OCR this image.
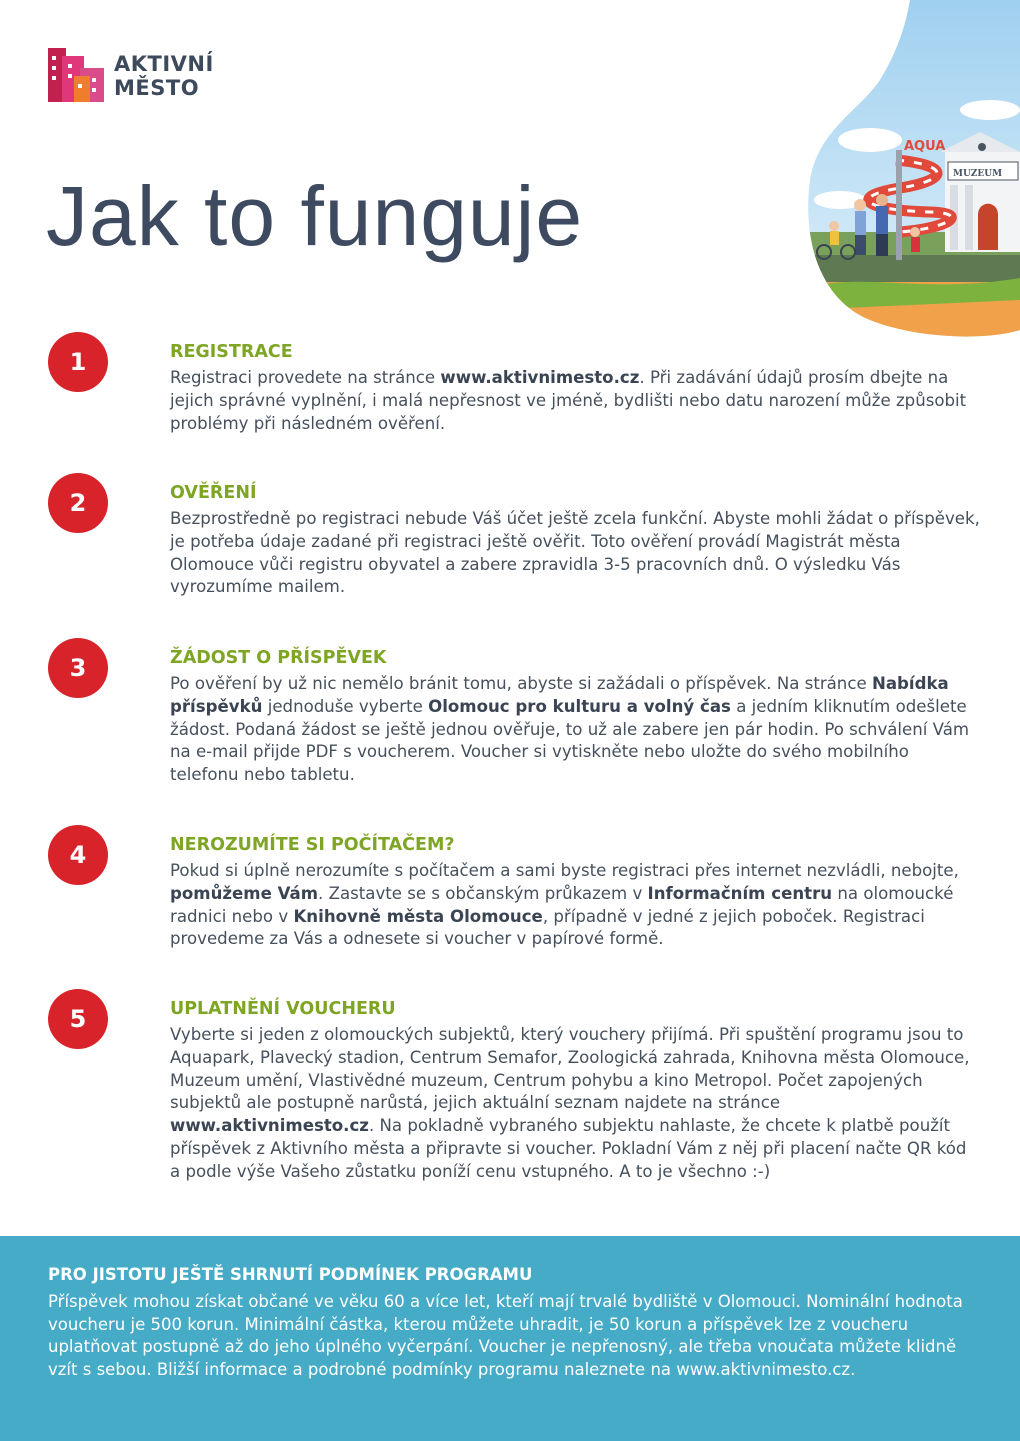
AKTIVNÍ
MĚSTO
Jak to funguje
AQUA
MUZEUM
1	REGISTRACE

Registraci provedete na stránce www.aktivnimesto.cz. Při zadávání údajů prosím dbejte na jejich správné vyplnění, i malá nepřesnost ve jméně, bydlišti nebo datu narození může způsobit problémy při následném ověření.

2	OVĚŘENÍ

Bezprostředně po registraci nebude Váš účet ještě zcela funkční. Abyste mohli žádat o příspěvek, je potřeba údaje zadané při registraci ještě ověřit. Toto ověření provádí Magistrát města Olomouce vůči registru obyvatel a zabere zpravidla 3-5 pracovních dnů. O výsledku Vás vyrozumíme mailem.

3	ŽÁDOST O PŘÍSPĚVEK

Po ověření by už nic nemělo bránit tomu, abyste si zažádali o příspěvek. Na stránce Nabídka příspěvků jednoduše vyberte Olomouc pro kulturu a volný čas a jedním kliknutím odešlete žádost. Podaná žádost se ještě jednou ověřuje, to už ale zabere jen pár hodin. Po schválení Vám na e-mail přijde PDF s voucherem. Voucher si vytiskněte nebo uložte do svého mobilního telefonu nebo tabletu.

4	NEROZUMÍTE SI POČÍTAČEM?

Pokud si úplně nerozumíte s počítačem a sami byste registraci přes internet nezvládli, nebojte, pomůžeme Vám. Zastavte se s občanským průkazem v Informačním centru na olomoucké radnici nebo v Knihovně města Olomouce, případně v jedné z jejich poboček. Registraci provedeme za Vás a odnesete si voucher v papírové formě.

5	UPLATNĚNÍ VOUCHERU

Vyberte si jeden z olomouckých subjektů, který vouchery přijímá. Při spuštění programu jsou to Aquapark, Plavecký stadion, Centrum Semafor, Zoologická zahrada, Knihovna města Olomouce, Muzeum umění, Vlastivědné muzeum, Centrum pohybu a kino Metropol. Počet zapojených subjektů ale postupně narůstá, jejich aktuální seznam najdete na stránce www.aktivnimesto.cz. Na pokladně vybraného subjektu nahlaste, že chcete k platbě použít příspěvek z Aktivního města a připravte si voucher. Pokladní Vám z něj při placení načte QR kód a podle výše Vašeho zůstatku poníží cenu vstupného. A to je všechno :-)

PRO JISTOTU JEŠTĚ SHRNUTÍ PODMÍNEK PROGRAMU

Příspěvek mohou získat občané ve věku 60 a více let, kteří mají trvalé bydliště v Olomouci. Nominální hodnota voucheru je 500 korun. Minimální částka, kterou můžete uhradit, je 50 korun a příspěvek lze z voucheru uplatňovat postupně až do jeho úplného vyčerpání. Voucher je nepřenosný, ale třeba vnoučata můžete klidně vzít s sebou. Bližší informace a podrobné podmínky programu naleznete na www.aktivnimesto.cz.
